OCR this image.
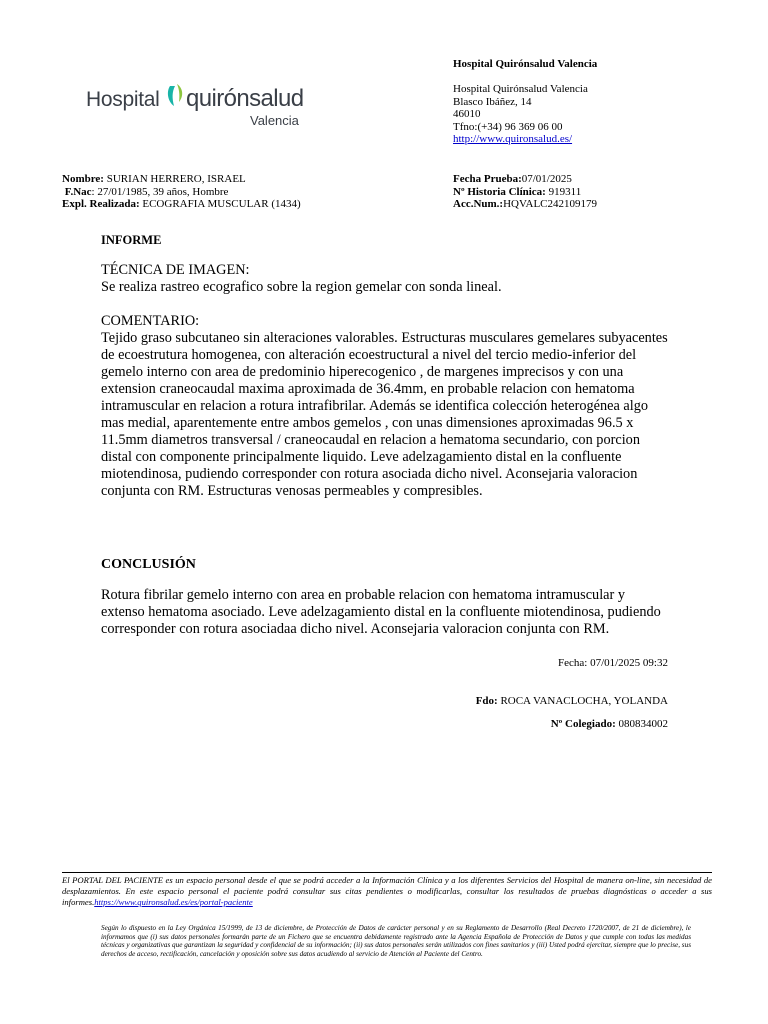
Hospital quirónsalud
Valencia
Hospital Quirónsalud Valencia
Hospital Quirónsalud Valencia
Blasco Ibáñez, 14
46010
Tfno:(+34) 96 369 06 00
http://www.quironsalud.es/
Nombre: SURIAN HERRERO, ISRAEL
F.Nac: 27/01/1985, 39 años, Hombre
Expl. Realizada: ECOGRAFIA MUSCULAR (1434)
Fecha Prueba:07/01/2025
Nº Historia Clínica: 919311
Acc.Num.:HQVALC242109179
INFORME
TÉCNICA DE IMAGEN:
Se realiza rastreo ecografico sobre la region gemelar con sonda lineal.
COMENTARIO:
Tejido graso subcutaneo sin alteraciones valorables. Estructuras musculares gemelares subyacentes de ecoestrutura homogenea, con alteración ecoestructural a nivel del tercio medio-inferior del gemelo interno con area de predominio hiperecogenico , de margenes imprecisos y con una extension craneocaudal maxima aproximada de 36.4mm, en probable relacion con hematoma intramuscular en relacion a rotura intrafibrilar. Además se identifica colección heterogénea algo mas medial, aparentemente entre ambos gemelos , con unas dimensiones aproximadas 96.5 x 11.5mm diametros transversal / craneocaudal en relacion a hematoma secundario, con porcion distal con componente principalmente liquido. Leve adelzagamiento distal en la confluente miotendinosa, pudiendo corresponder con rotura asociada dicho nivel. Aconsejaria valoracion conjunta con RM. Estructuras venosas permeables y compresibles.
CONCLUSIÓN
Rotura fibrilar gemelo interno con area en probable relacion con hematoma intramuscular y extenso hematoma asociado. Leve adelzagamiento distal en la confluente miotendinosa, pudiendo corresponder con rotura asociadaa dicho nivel. Aconsejaria valoracion conjunta con RM.
Fecha: 07/01/2025 09:32
Fdo: ROCA VANACLOCHA, YOLANDA
Nº Colegiado: 080834002
El PORTAL DEL PACIENTE es un espacio personal desde el que se podrá acceder a la Información Clínica y a los diferentes Servicios del Hospital de manera on-line, sin necesidad de desplazamientos. En este espacio personal el paciente podrá consultar sus citas pendientes o modificarlas, consultar los resultados de pruebas diagnósticas o acceder a sus informes.https://www.quironsalud.es/es/portal-paciente
Según lo dispuesto en la Ley Orgánica 15/1999, de 13 de diciembre, de Protección de Datos de carácter personal y en su Reglamento de Desarrollo (Real Decreto 1720/2007, de 21 de diciembre), le informamos que (i) sus datos personales formarán parte de un Fichero que se encuentra debidamente registrado ante la Agencia Española de Protección de Datos y que cumple con todas las medidas técnicas y organizativas que garantizan la seguridad y confidencial de su información; (ii) sus datos personales serán utilizados con fines sanitarios y (iii) Usted podrá ejercitar, siempre que lo precise, sus derechos de acceso, rectificación, cancelación y oposición sobre sus datos acudiendo al servicio de Atención al Paciente del Centro.
